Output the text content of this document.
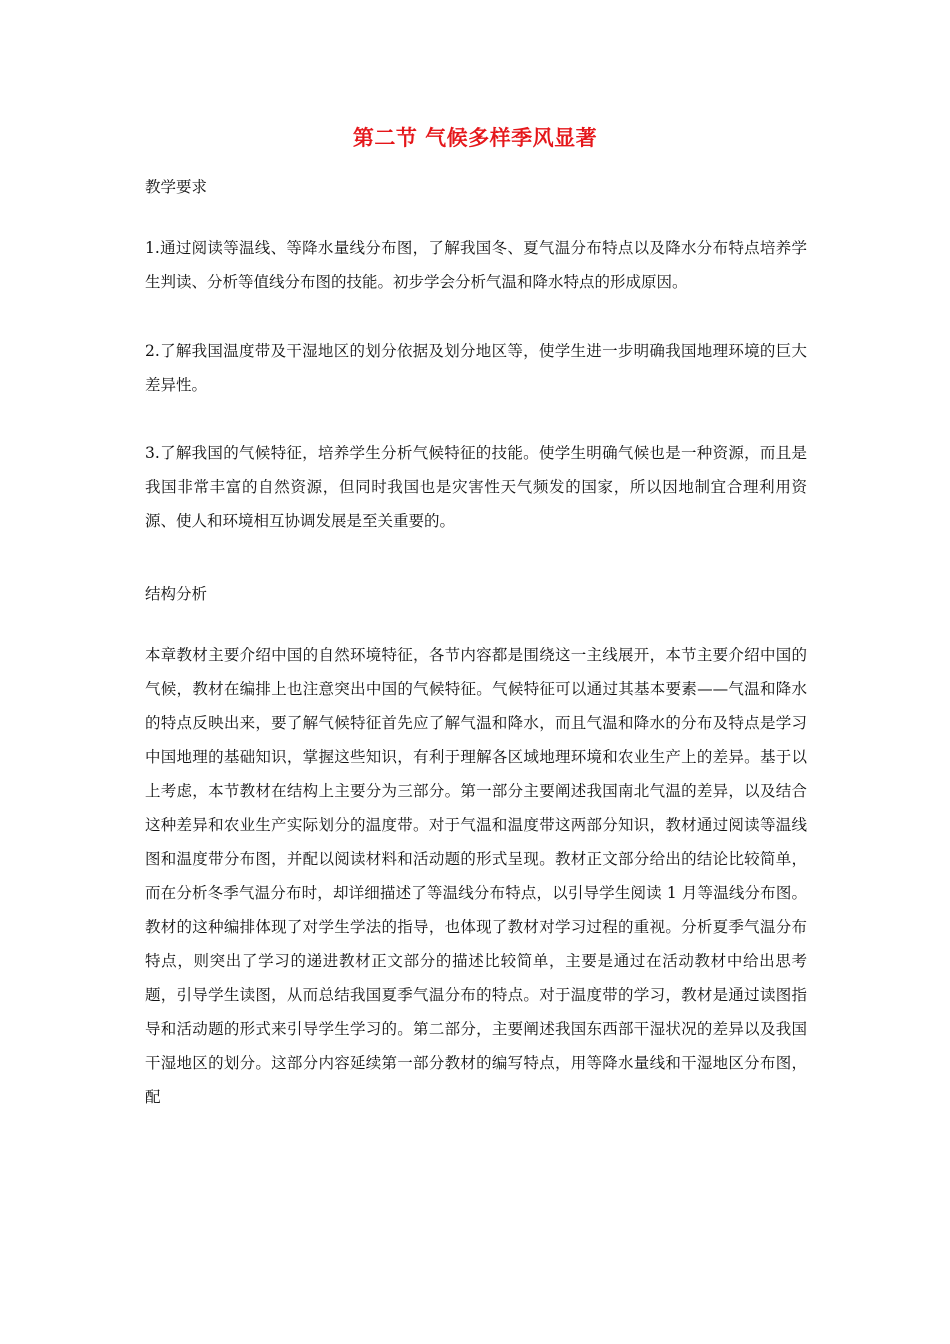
第二节 气候多样季风显著
教学要求
1.通过阅读等温线、等降水量线分布图，了解我国冬、夏气温分布特点以及降水分布特点培养学生判读、分析等值线分布图的技能。初步学会分析气温和降水特点的形成原因。
2.了解我国温度带及干湿地区的划分依据及划分地区等，使学生进一步明确我国地理环境的巨大差异性。
3.了解我国的气候特征，培养学生分析气候特征的技能。使学生明确气候也是一种资源，而且是我国非常丰富的自然资源，但同时我国也是灾害性天气频发的国家，所以因地制宜合理利用资源、使人和环境相互协调发展是至关重要的。
结构分析
本章教材主要介绍中国的自然环境特征，各节内容都是围绕这一主线展开，本节主要介绍中国的气候，教材在编排上也注意突出中国的气候特征。气候特征可以通过其基本要素——气温和降水的特点反映出来，要了解气候特征首先应了解气温和降水，而且气温和降水的分布及特点是学习中国地理的基础知识，掌握这些知识，有利于理解各区域地理环境和农业生产上的差异。基于以上考虑，本节教材在结构上主要分为三部分。第一部分主要阐述我国南北气温的差异，以及结合这种差异和农业生产实际划分的温度带。对于气温和温度带这两部分知识，教材通过阅读等温线图和温度带分布图，并配以阅读材料和活动题的形式呈现。教材正文部分给出的结论比较简单，而在分析冬季气温分布时，却详细描述了等温线分布特点，以引导学生阅读 1 月等温线分布图。教材的这种编排体现了对学生学法的指导，也体现了教材对学习过程的重视。分析夏季气温分布特点，则突出了学习的递进教材正文部分的描述比较简单，主要是通过在活动教材中给出思考题，引导学生读图，从而总结我国夏季气温分布的特点。对于温度带的学习，教材是通过读图指导和活动题的形式来引导学生学习的。第二部分，主要阐述我国东西部干湿状况的差异以及我国干湿地区的划分。这部分内容延续第一部分教材的编写特点，用等降水量线和干湿地区分布图，配
